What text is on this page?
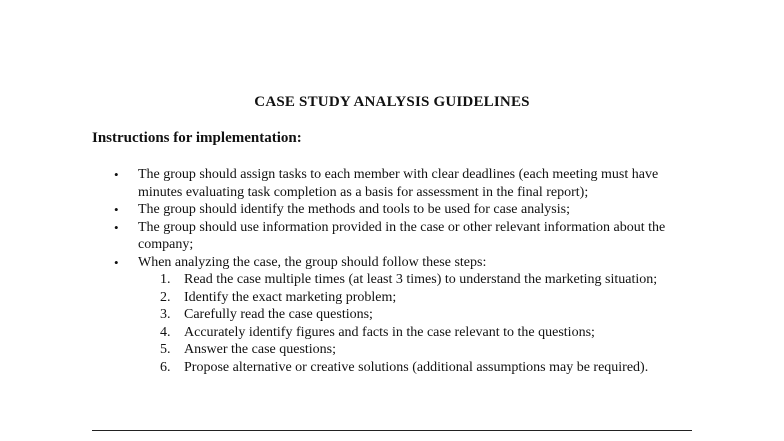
CASE STUDY ANALYSIS GUIDELINES
Instructions for implementation:
•	The group should assign tasks to each member with clear deadlines (each meeting must have minutes evaluating task completion as a basis for assessment in the final report);
•	The group should identify the methods and tools to be used for case analysis;
•	The group should use information provided in the case or other relevant information about the company;
•	When analyzing the case, the group should follow these steps:
1. Read the case multiple times (at least 3 times) to understand the marketing situation;
2. Identify the exact marketing problem;
3. Carefully read the case questions;
4. Accurately identify figures and facts in the case relevant to the questions;
5. Answer the case questions;
6. Propose alternative or creative solutions (additional assumptions may be required).
